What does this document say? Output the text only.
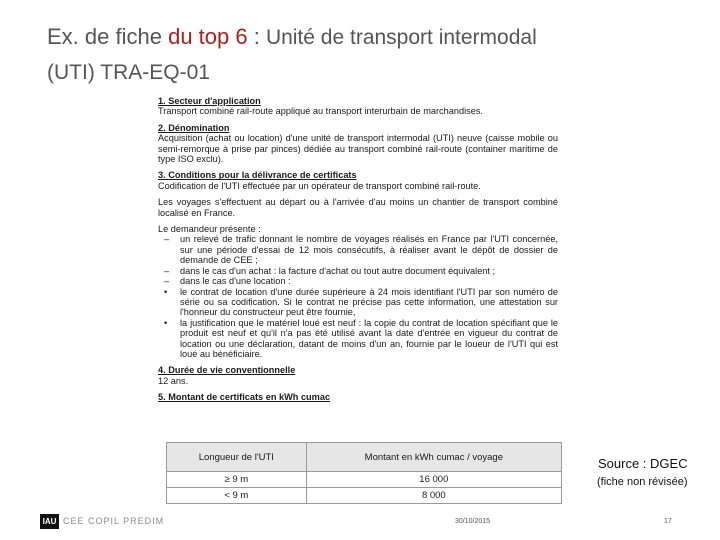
Ex. de fiche du top 6 : Unité de transport intermodal
(UTI) TRA-EQ-01
1. Secteur d'application

Transport combiné rail-route appliqué au transport interurbain de marchandises.

2. Dénomination

Acquisition (achat ou location) d'une unité de transport intermodal (UTI) neuve (caisse mobile ou semi-remorque à prise par pinces) dédiée au transport combiné rail-route (container maritime de type ISO exclu).

3. Conditions pour la délivrance de certificats

Codification de l'UTI effectuée par un opérateur de transport combiné rail-route.

Les voyages s'effectuent au départ ou à l'arrivée d'au moins un chantier de transport combiné localisé en France.

Le demandeur présente :

– un relevé de trafic donnant le nombre de voyages réalisés en France par l'UTI concernée, sur une période d'essai de 12 mois consécutifs, à réaliser avant le dépôt de dossier de demande de CEE ;
– dans le cas d'un achat : la facture d'achat ou tout autre document équivalent ;
– dans le cas d'une location :
• le contrat de location d'une durée supérieure à 24 mois identifiant l'UTI par son numéro de série ou sa codification. Si le contrat ne précise pas cette information, une attestation sur l'honneur du constructeur peut être fournie,
• la justification que le matériel loué est neuf : la copie du contrat de location spécifiant que le produit est neuf et qu'il n'a pas été utilisé avant la date d'entrée en vigueur du contrat de location ou une déclaration, datant de moins d'un an, fournie par le loueur de l'UTI qui est loué au bénéficiaire.
4. Durée de vie conventionnelle

12 ans.

5. Montant de certificats en kWh cumac
Longueur de l'UTI	Montant en kWh cumac / voyage
≥ 9 m	16 000
< 9 m	8 000
Source : DGEC
(fiche non révisée)
IAU CEE COPIL PREDIM	30/10/2015	17
